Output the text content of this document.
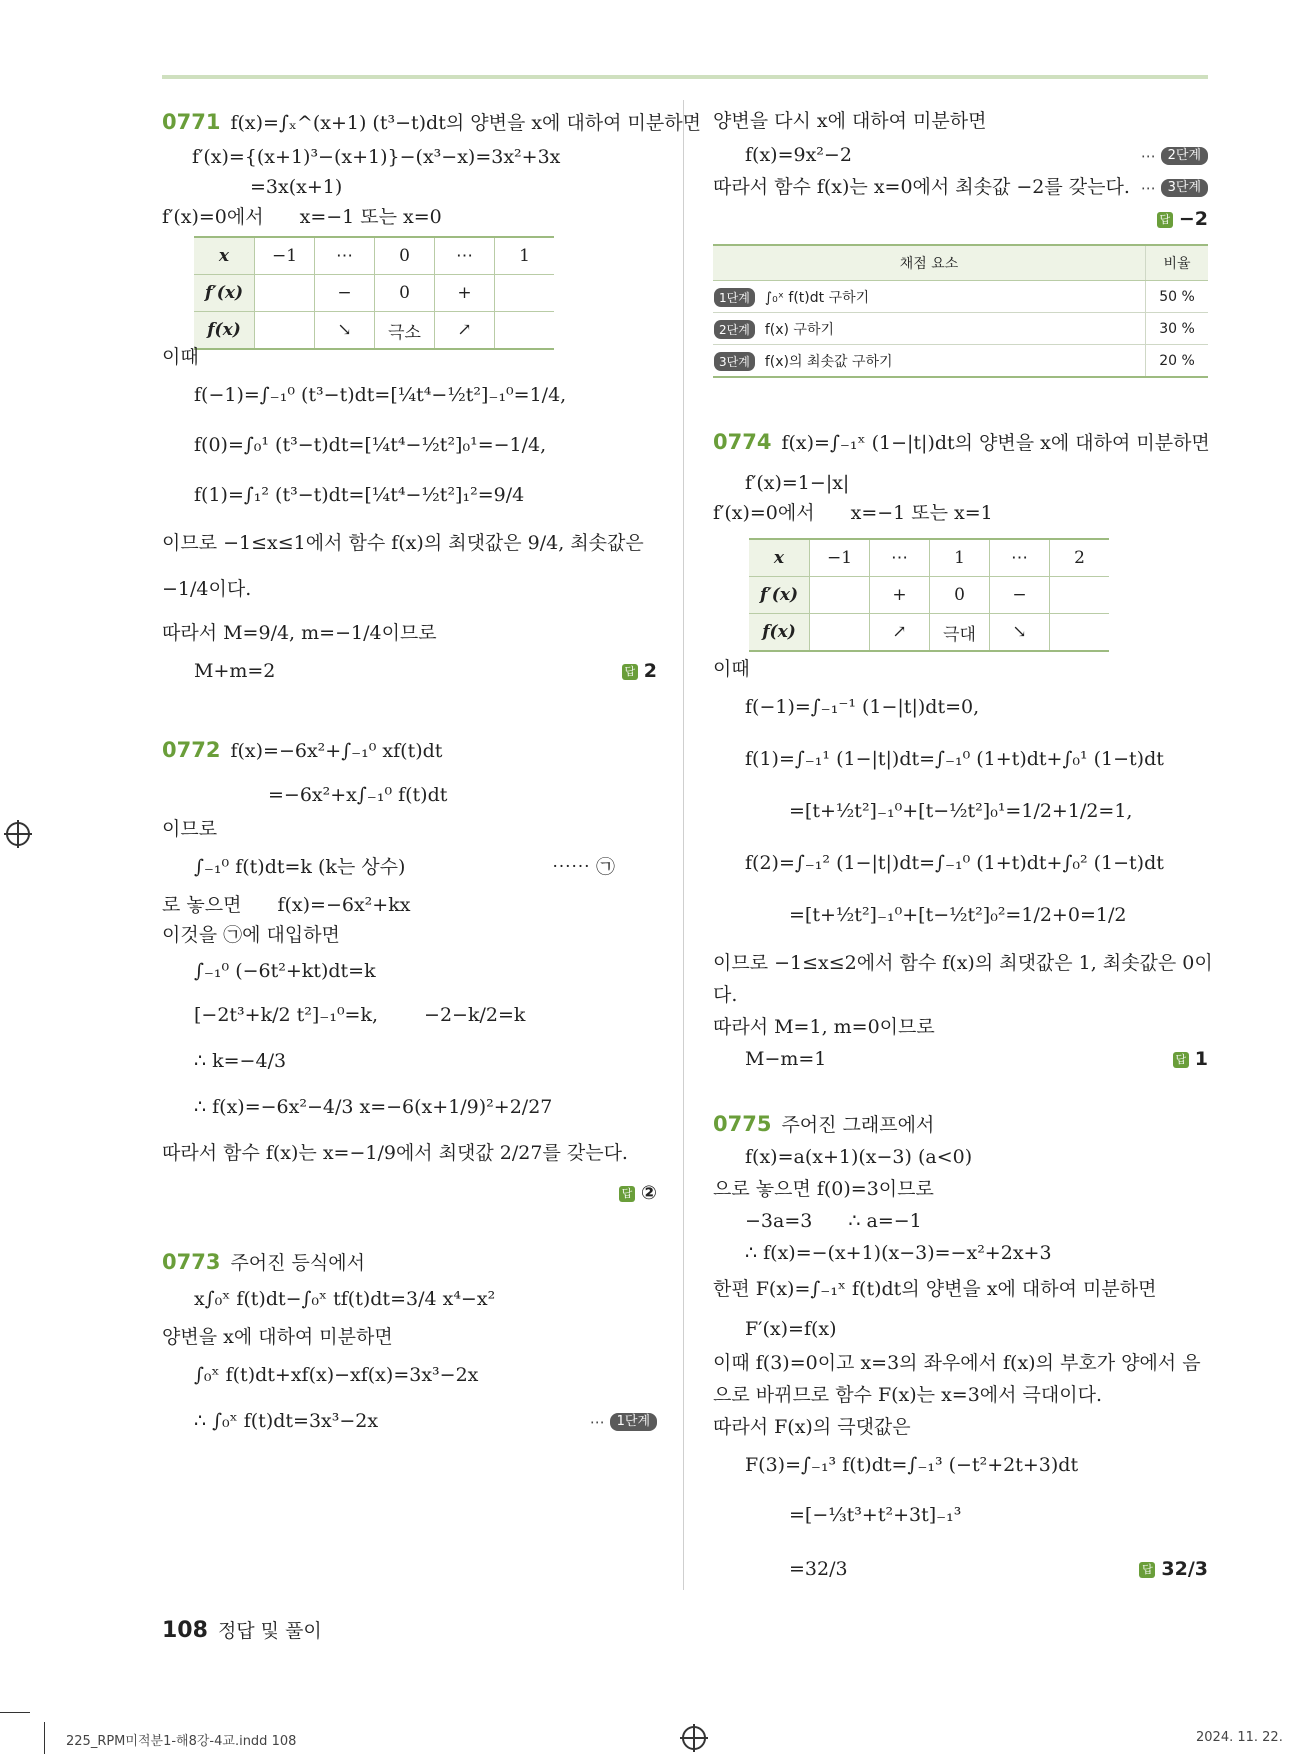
0771 f(x)=∫ₓ^(x+1) (t³−t)dt의 양변을 x에 대하여 미분하면
f′(x)={(x+1)³−(x+1)}−(x³−x)=3x²+3x
=3x(x+1)
f′(x)=0에서 x=−1 또는 x=0
x	−1	⋯	0	⋯	1
f′(x)		−	0	+	
f(x)		↘	극소	↗	
이때
f(−1)=∫₋₁⁰ (t³−t)dt=[¼t⁴−½t²]₋₁⁰=1/4,
f(0)=∫₀¹ (t³−t)dt=[¼t⁴−½t²]₀¹=−1/4,
f(1)=∫₁² (t³−t)dt=[¼t⁴−½t²]₁²=9/4
이므로 −1≤x≤1에서 함수 f(x)의 최댓값은 9/4, 최솟값은
−1/4이다.
따라서 M=9/4, m=−1/4이므로
M+m=2	답 2
0772 f(x)=−6x²+∫₋₁⁰ xf(t)dt
=−6x²+x∫₋₁⁰ f(t)dt
이므로
∫₋₁⁰ f(t)dt=k (k는 상수)	⋯⋯ ㉠
로 놓으면 f(x)=−6x²+kx
이것을 ㉠에 대입하면
∫₋₁⁰ (−6t²+kt)dt=k
[−2t³+k/2 t²]₋₁⁰=k, −2−k/2=k
∴ k=−4/3
∴ f(x)=−6x²−4/3 x=−6(x+1/9)²+2/27
따라서 함수 f(x)는 x=−1/9에서 최댓값 2/27를 갖는다.
답 ②
0773 주어진 등식에서
x∫₀ˣ f(t)dt−∫₀ˣ tf(t)dt=3/4 x⁴−x²
양변을 x에 대하여 미분하면
∫₀ˣ f(t)dt+xf(x)−xf(x)=3x³−2x
∴ ∫₀ˣ f(t)dt=3x³−2x	⋯ 1단계
양변을 다시 x에 대하여 미분하면
f(x)=9x²−2	⋯ 2단계
따라서 함수 f(x)는 x=0에서 최솟값 −2를 갖는다. ⋯ 3단계
답 −2
채점 요소	비율
1단계 ∫₀ˣ f(t)dt 구하기	50 %
2단계 f(x) 구하기	30 %
3단계 f(x)의 최솟값 구하기	20 %
0774 f(x)=∫₋₁ˣ (1−|t|)dt의 양변을 x에 대하여 미분하면
f′(x)=1−|x|
f′(x)=0에서 x=−1 또는 x=1
x	−1	⋯	1	⋯	2
f′(x)		+	0	−	
f(x)		↗	극대	↘	
이때
f(−1)=∫₋₁⁻¹ (1−|t|)dt=0,
f(1)=∫₋₁¹ (1−|t|)dt=∫₋₁⁰ (1+t)dt+∫₀¹ (1−t)dt
=[t+½t²]₋₁⁰+[t−½t²]₀¹=1/2+1/2=1,
f(2)=∫₋₁² (1−|t|)dt=∫₋₁⁰ (1+t)dt+∫₀² (1−t)dt
=[t+½t²]₋₁⁰+[t−½t²]₀²=1/2+0=1/2
이므로 −1≤x≤2에서 함수 f(x)의 최댓값은 1, 최솟값은 0이
다.
따라서 M=1, m=0이므로
M−m=1	답 1
0775 주어진 그래프에서
f(x)=a(x+1)(x−3) (a<0)
으로 놓으면 f(0)=3이므로
−3a=3 ∴ a=−1
∴ f(x)=−(x+1)(x−3)=−x²+2x+3
한편 F(x)=∫₋₁ˣ f(t)dt의 양변을 x에 대하여 미분하면
F′(x)=f(x)
이때 f(3)=0이고 x=3의 좌우에서 f(x)의 부호가 양에서 음
으로 바뀌므로 함수 F(x)는 x=3에서 극대이다.
따라서 F(x)의 극댓값은
F(3)=∫₋₁³ f(t)dt=∫₋₁³ (−t²+2t+3)dt
=[−⅓t³+t²+3t]₋₁³
=32/3	답 32/3
108 정답 및 풀이
225_RPM미적분1-해8강-4교.indd 108	2024. 11. 22.
